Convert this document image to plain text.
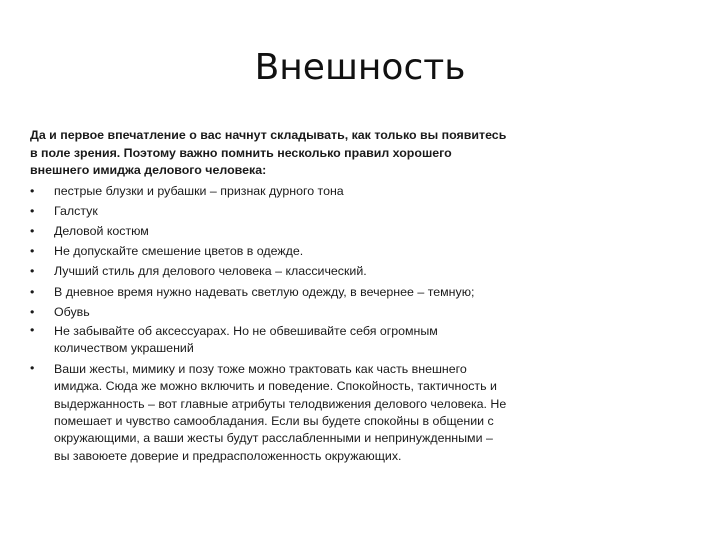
Внешность

Да и первое впечатление о вас начнут складывать, как только вы появитесь в поле зрения. Поэтому важно помнить несколько правил хорошего внешнего имиджа делового человека:

•	пестрые блузки и рубашки – признак дурного тона
•	Галстук
•	Деловой костюм
•	Не допускайте смешение цветов в одежде.
•	Лучший стиль для делового человека – классический.
•	В дневное время нужно надевать светлую одежду, в вечернее – темную;
•	Обувь
•	Не забывайте об аксессуарах. Но не обвешивайте себя огромным количеством украшений
•	Ваши жесты, мимику и позу тоже можно трактовать как часть внешнего имиджа. Сюда же можно включить и поведение. Спокойность, тактичность и выдержанность – вот главные атрибуты телодвижения делового человека. Не помешает и чувство самообладания. Если вы будете спокойны в общении с окружающими, а ваши жесты будут расслабленными и непринужденными – вы завоюете доверие и предрасположенность окружающих.
